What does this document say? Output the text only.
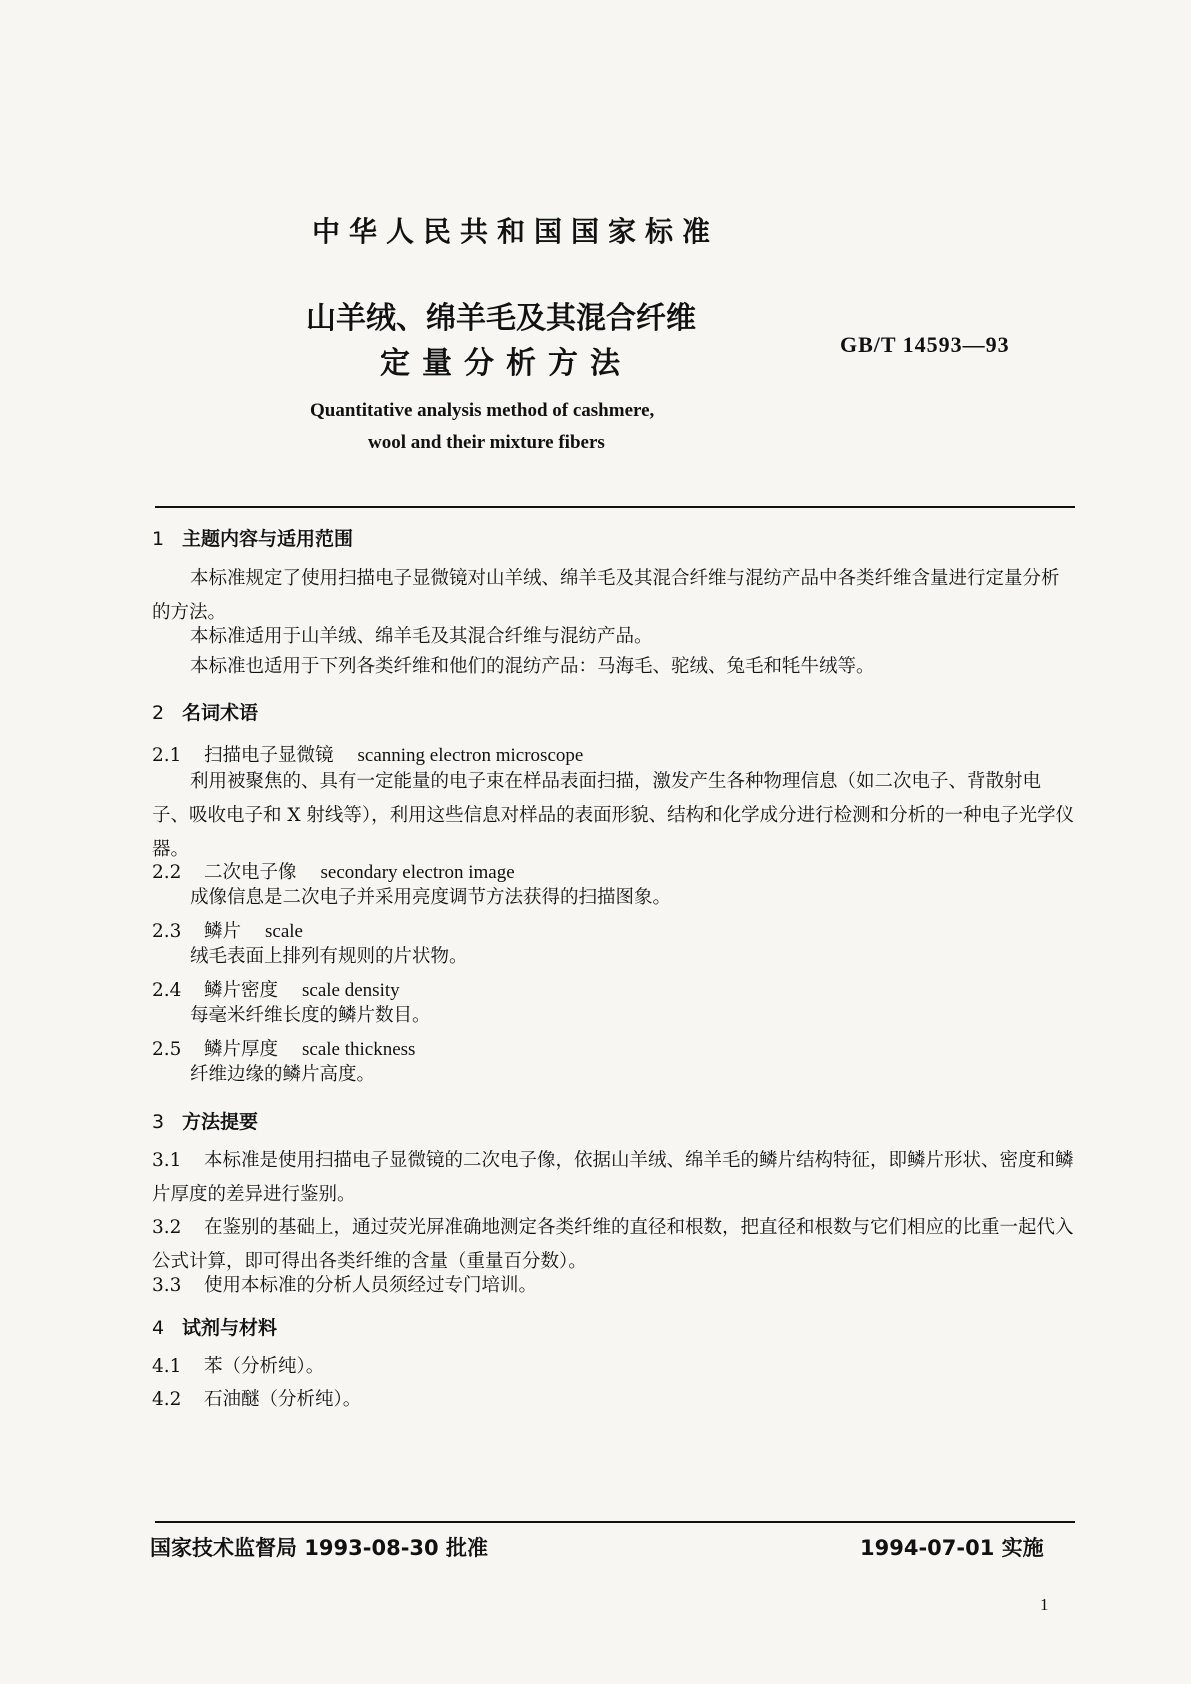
中华人民共和国国家标准
山羊绒、绵羊毛及其混合纤维
定量分析方法
GB/T 14593—93
Quantitative analysis method of cashmere,
wool and their mixture fibers
1 主题内容与适用范围
本标准规定了使用扫描电子显微镜对山羊绒、绵羊毛及其混合纤维与混纺产品中各类纤维含量进行定量分析的方法。
本标准适用于山羊绒、绵羊毛及其混合纤维与混纺产品。
本标准也适用于下列各类纤维和他们的混纺产品：马海毛、驼绒、兔毛和牦牛绒等。
2 名词术语
2.1 扫描电子显微镜 scanning electron microscope
利用被聚焦的、具有一定能量的电子束在样品表面扫描，激发产生各种物理信息（如二次电子、背散射电子、吸收电子和 X 射线等），利用这些信息对样品的表面形貌、结构和化学成分进行检测和分析的一种电子光学仪器。
2.2 二次电子像 secondary electron image
成像信息是二次电子并采用亮度调节方法获得的扫描图象。
2.3 鳞片 scale
绒毛表面上排列有规则的片状物。
2.4 鳞片密度 scale density
每毫米纤维长度的鳞片数目。
2.5 鳞片厚度 scale thickness
纤维边缘的鳞片高度。
3 方法提要
3.1 本标准是使用扫描电子显微镜的二次电子像，依据山羊绒、绵羊毛的鳞片结构特征，即鳞片形状、密度和鳞片厚度的差异进行鉴别。
3.2 在鉴别的基础上，通过荧光屏准确地测定各类纤维的直径和根数，把直径和根数与它们相应的比重一起代入公式计算，即可得出各类纤维的含量（重量百分数）。
3.3 使用本标准的分析人员须经过专门培训。
4 试剂与材料
4.1 苯（分析纯）。
4.2 石油醚（分析纯）。
国家技术监督局 1993-08-30 批准	1994-07-01 实施
1
